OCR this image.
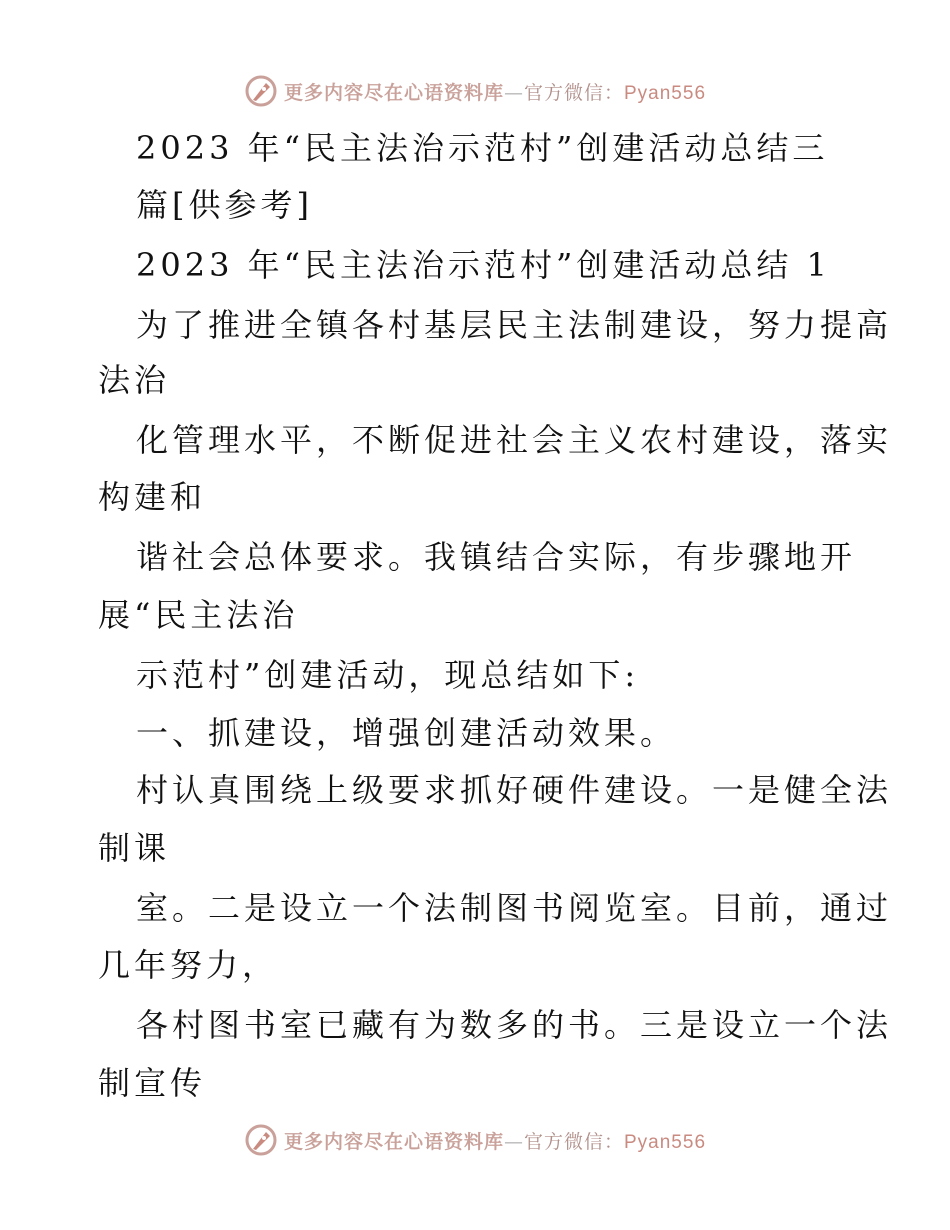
更多内容尽在心语资料库—官方微信：Pyan556
2023 年“民主法治示范村”创建活动总结三
篇[供参考]
2023 年“民主法治示范村”创建活动总结 1
为了推进全镇各村基层民主法制建设，努力提高
法治
化管理水平，不断促进社会主义农村建设，落实
构建和
谐社会总体要求。我镇结合实际，有步骤地开
展“民主法治
示范村”创建活动，现总结如下:
一、抓建设，增强创建活动效果。
村认真围绕上级要求抓好硬件建设。一是健全法
制课
室。二是设立一个法制图书阅览室。目前，通过
几年努力，
各村图书室已藏有为数多的书。三是设立一个法
制宣传
更多内容尽在心语资料库—官方微信：Pyan556
